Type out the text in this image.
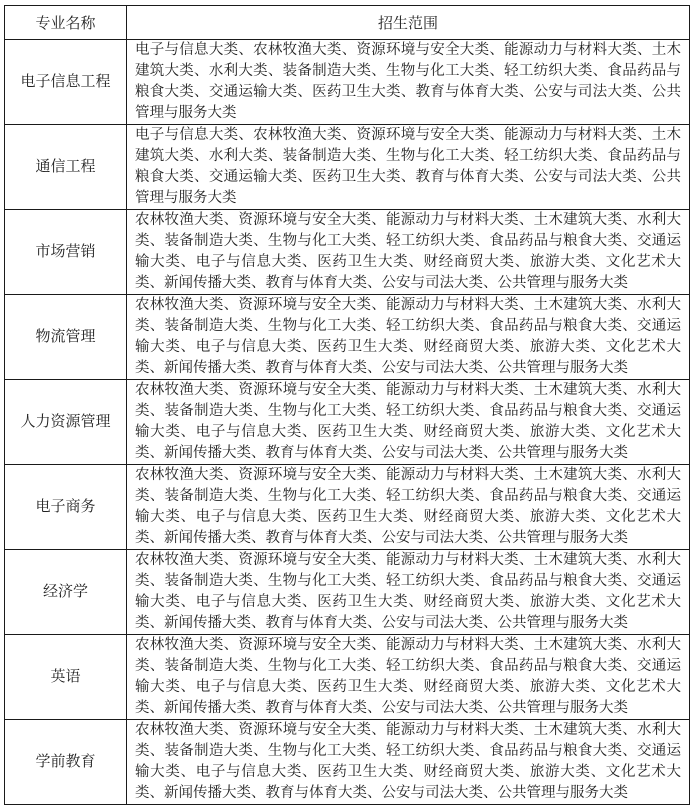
专业名称	招生范围
电子信息工程	电子与信息大类、农林牧渔大类、资源环境与安全大类、能源动力与材料大类、土木建筑大类、水利大类、装备制造大类、生物与化工大类、轻工纺织大类、食品药品与粮食大类、交通运输大类、医药卫生大类、教育与体育大类、公安与司法大类、公共管理与服务大类
通信工程	电子与信息大类、农林牧渔大类、资源环境与安全大类、能源动力与材料大类、土木建筑大类、水利大类、装备制造大类、生物与化工大类、轻工纺织大类、食品药品与粮食大类、交通运输大类、医药卫生大类、教育与体育大类、公安与司法大类、公共管理与服务大类
市场营销	农林牧渔大类、资源环境与安全大类、能源动力与材料大类、土木建筑大类、水利大类、装备制造大类、生物与化工大类、轻工纺织大类、食品药品与粮食大类、交通运输大类、电子与信息大类、医药卫生大类、财经商贸大类、旅游大类、文化艺术大类、新闻传播大类、教育与体育大类、公安与司法大类、公共管理与服务大类
物流管理	农林牧渔大类、资源环境与安全大类、能源动力与材料大类、土木建筑大类、水利大类、装备制造大类、生物与化工大类、轻工纺织大类、食品药品与粮食大类、交通运输大类、电子与信息大类、医药卫生大类、财经商贸大类、旅游大类、文化艺术大类、新闻传播大类、教育与体育大类、公安与司法大类、公共管理与服务大类
人力资源管理	农林牧渔大类、资源环境与安全大类、能源动力与材料大类、土木建筑大类、水利大类、装备制造大类、生物与化工大类、轻工纺织大类、食品药品与粮食大类、交通运输大类、电子与信息大类、医药卫生大类、财经商贸大类、旅游大类、文化艺术大类、新闻传播大类、教育与体育大类、公安与司法大类、公共管理与服务大类
电子商务	农林牧渔大类、资源环境与安全大类、能源动力与材料大类、土木建筑大类、水利大类、装备制造大类、生物与化工大类、轻工纺织大类、食品药品与粮食大类、交通运输大类、电子与信息大类、医药卫生大类、财经商贸大类、旅游大类、文化艺术大类、新闻传播大类、教育与体育大类、公安与司法大类、公共管理与服务大类
经济学	农林牧渔大类、资源环境与安全大类、能源动力与材料大类、土木建筑大类、水利大类、装备制造大类、生物与化工大类、轻工纺织大类、食品药品与粮食大类、交通运输大类、电子与信息大类、医药卫生大类、财经商贸大类、旅游大类、文化艺术大类、新闻传播大类、教育与体育大类、公安与司法大类、公共管理与服务大类
英语	农林牧渔大类、资源环境与安全大类、能源动力与材料大类、土木建筑大类、水利大类、装备制造大类、生物与化工大类、轻工纺织大类、食品药品与粮食大类、交通运输大类、电子与信息大类、医药卫生大类、财经商贸大类、旅游大类、文化艺术大类、新闻传播大类、教育与体育大类、公安与司法大类、公共管理与服务大类
学前教育	农林牧渔大类、资源环境与安全大类、能源动力与材料大类、土木建筑大类、水利大类、装备制造大类、生物与化工大类、轻工纺织大类、食品药品与粮食大类、交通运输大类、电子与信息大类、医药卫生大类、财经商贸大类、旅游大类、文化艺术大类、新闻传播大类、教育与体育大类、公安与司法大类、公共管理与服务大类
